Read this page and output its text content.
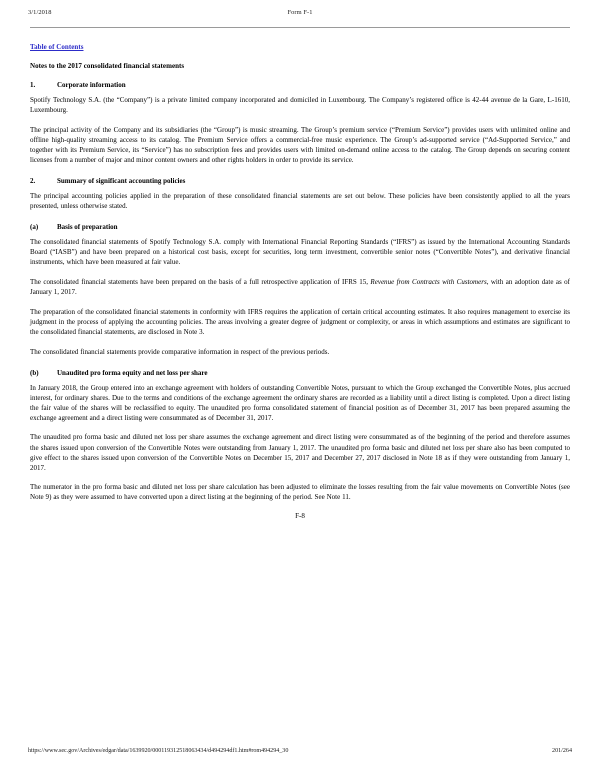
3/1/2018	Form F-1
Table of Contents
Notes to the 2017 consolidated financial statements
1.	Corporate information

Spotify Technology S.A. (the “Company”) is a private limited company incorporated and domiciled in Luxembourg. The Company’s registered office is 42-44 avenue de la Gare, L-1610, Luxembourg.

The principal activity of the Company and its subsidiaries (the “Group”) is music streaming. The Group’s premium service (“Premium Service”) provides users with unlimited online and offline high-quality streaming access to its catalog. The Premium Service offers a commercial-free music experience. The Group’s ad-supported service (“Ad-Supported Service,” and together with its Premium Service, its “Service”) has no subscription fees and provides users with limited on-demand online access to the catalog. The Group depends on securing content licenses from a number of major and minor content owners and other rights holders in order to provide its service.

2.	Summary of significant accounting policies

The principal accounting policies applied in the preparation of these consolidated financial statements are set out below. These policies have been consistently applied to all the years presented, unless otherwise stated.

(a)	Basis of preparation

The consolidated financial statements of Spotify Technology S.A. comply with International Financial Reporting Standards (“IFRS”) as issued by the International Accounting Standards Board (“IASB”) and have been prepared on a historical cost basis, except for securities, long term investment, convertible senior notes (“Convertible Notes”), and derivative financial instruments, which have been measured at fair value.

The consolidated financial statements have been prepared on the basis of a full retrospective application of IFRS 15, Revenue from Contracts with Customers, with an adoption date as of January 1, 2017.

The preparation of the consolidated financial statements in conformity with IFRS requires the application of certain critical accounting estimates. It also requires management to exercise its judgment in the process of applying the accounting policies. The areas involving a greater degree of judgment or complexity, or areas in which assumptions and estimates are significant to the consolidated financial statements, are disclosed in Note 3.

The consolidated financial statements provide comparative information in respect of the previous periods.

(b)	Unaudited pro forma equity and net loss per share

In January 2018, the Group entered into an exchange agreement with holders of outstanding Convertible Notes, pursuant to which the Group exchanged the Convertible Notes, plus accrued interest, for ordinary shares. Due to the terms and conditions of the exchange agreement the ordinary shares are recorded as a liability until a direct listing is completed. Upon a direct listing the fair value of the shares will be reclassified to equity. The unaudited pro forma consolidated statement of financial position as of December 31, 2017 has been prepared assuming the exchange agreement and a direct listing were consummated as of December 31, 2017.

The unaudited pro forma basic and diluted net loss per share assumes the exchange agreement and direct listing were consummated as of the beginning of the period and therefore assumes the shares issued upon conversion of the Convertible Notes were outstanding from January 1, 2017. The unaudited pro forma basic and diluted net loss per share also has been computed to give effect to the shares issued upon conversion of the Convertible Notes on December 15, 2017 and December 27, 2017 disclosed in Note 18 as if they were outstanding from January 1, 2017.

The numerator in the pro forma basic and diluted net loss per share calculation has been adjusted to eliminate the losses resulting from the fair value movements on Convertible Notes (see Note 9) as they were assumed to have converted upon a direct listing at the beginning of the period. See Note 11.

F-8
https://www.sec.gov/Archives/edgar/data/1639920/000119312518063434/d494294df1.htm#rom494294_30	201/264
